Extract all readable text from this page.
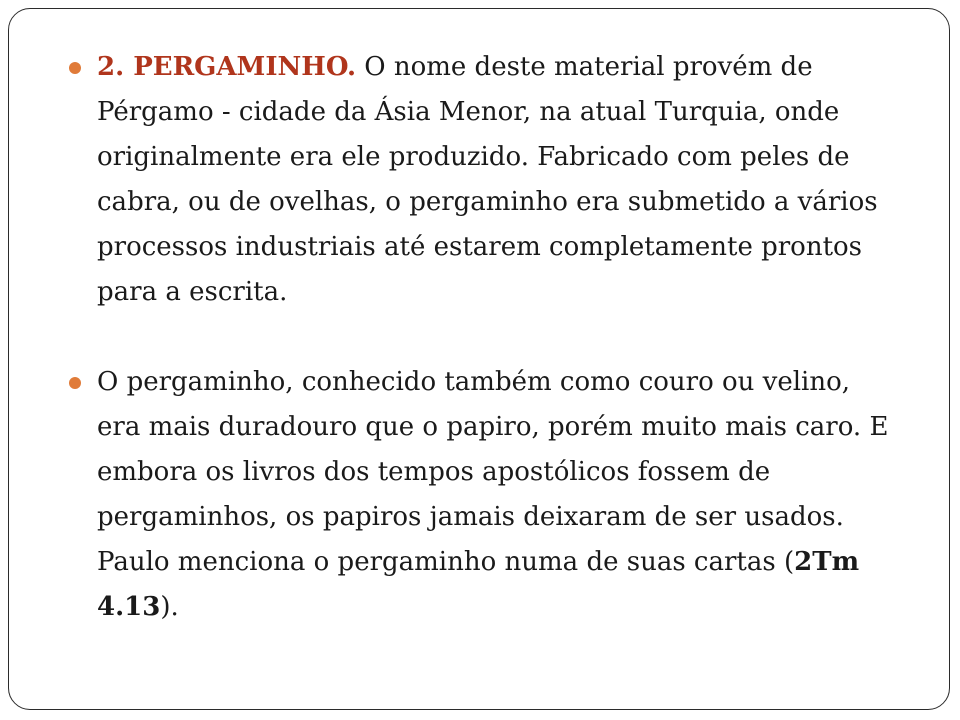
2. PERGAMINHO. O nome deste material provém de Pérgamo - cidade da Ásia Menor, na atual Turquia, onde originalmente era ele produzido. Fabricado com peles de cabra, ou de ovelhas, o pergaminho era submetido a vários processos industriais até estarem completamente prontos para a escrita.
O pergaminho, conhecido também como couro ou velino, era mais duradouro que o papiro, porém muito mais caro. E embora os livros dos tempos apostólicos fossem de pergaminhos, os papiros jamais deixaram de ser usados. Paulo menciona o pergaminho numa de suas cartas (2Tm 4.13).
